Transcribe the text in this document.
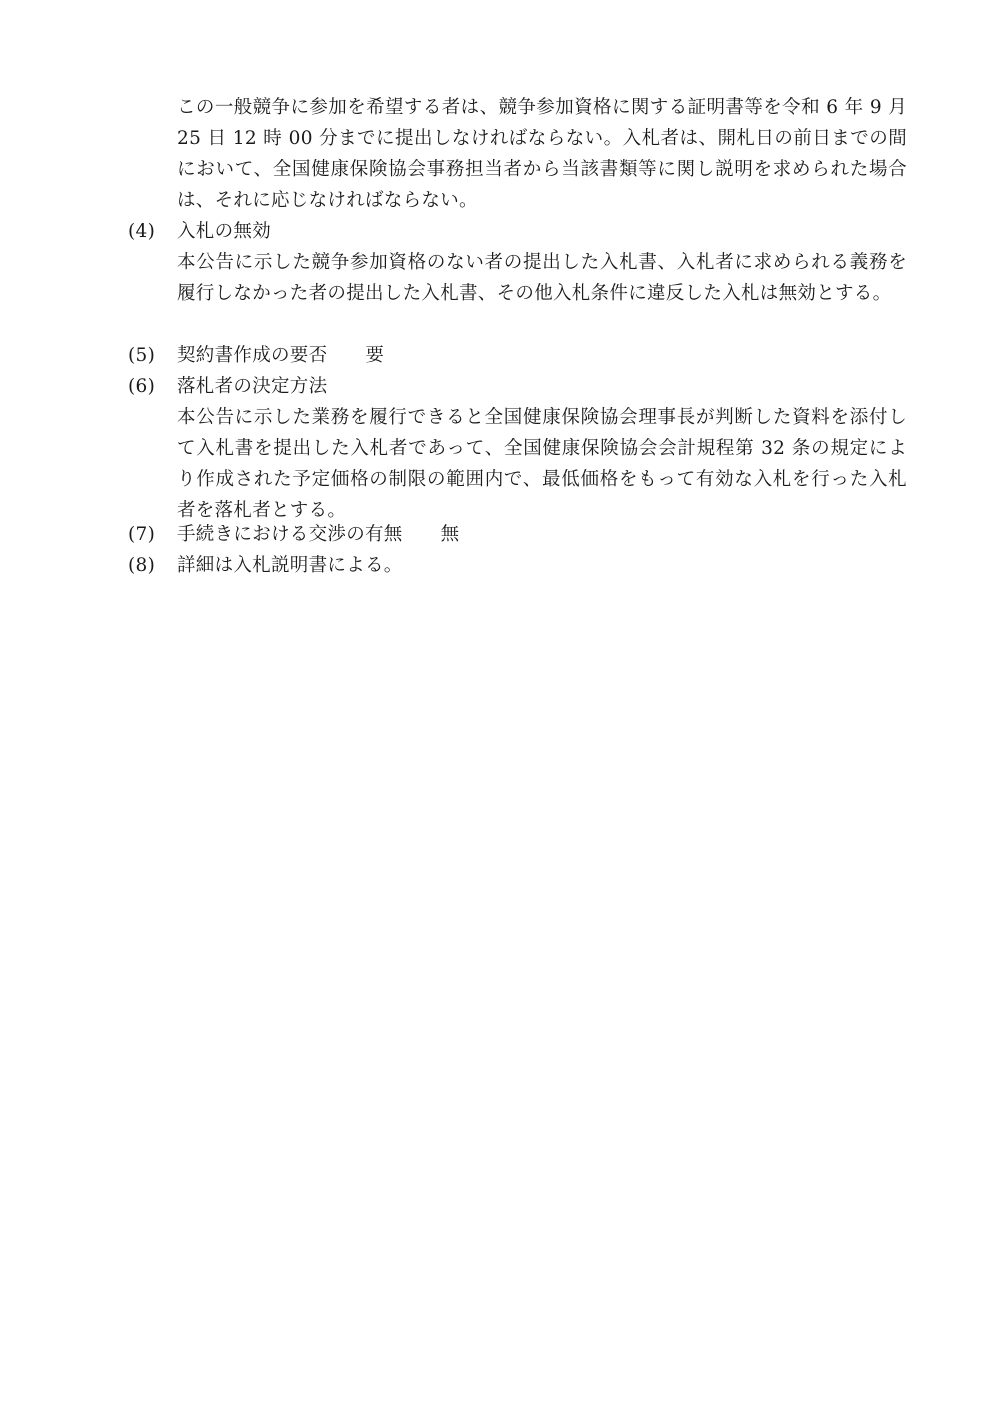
この一般競争に参加を希望する者は、競争参加資格に関する証明書等を令和 6 年 9 月 25 日 12 時 00 分までに提出しなければならない。入札者は、開札日の前日までの間において、全国健康保険協会事務担当者から当該書類等に関し説明を求められた場合は、それに応じなければならない。

(4) 入札の無効

本公告に示した競争参加資格のない者の提出した入札書、入札者に求められる義務を履行しなかった者の提出した入札書、その他入札条件に違反した入札は無効とする。

(5) 契約書作成の要否 要
(6) 落札者の決定方法

本公告に示した業務を履行できると全国健康保険協会理事長が判断した資料を添付して入札書を提出した入札者であって、全国健康保険協会会計規程第 32 条の規定により作成された予定価格の制限の範囲内で、最低価格をもって有効な入札を行った入札者を落札者とする。

(7) 手続きにおける交渉の有無 無
(8) 詳細は入札説明書による。
